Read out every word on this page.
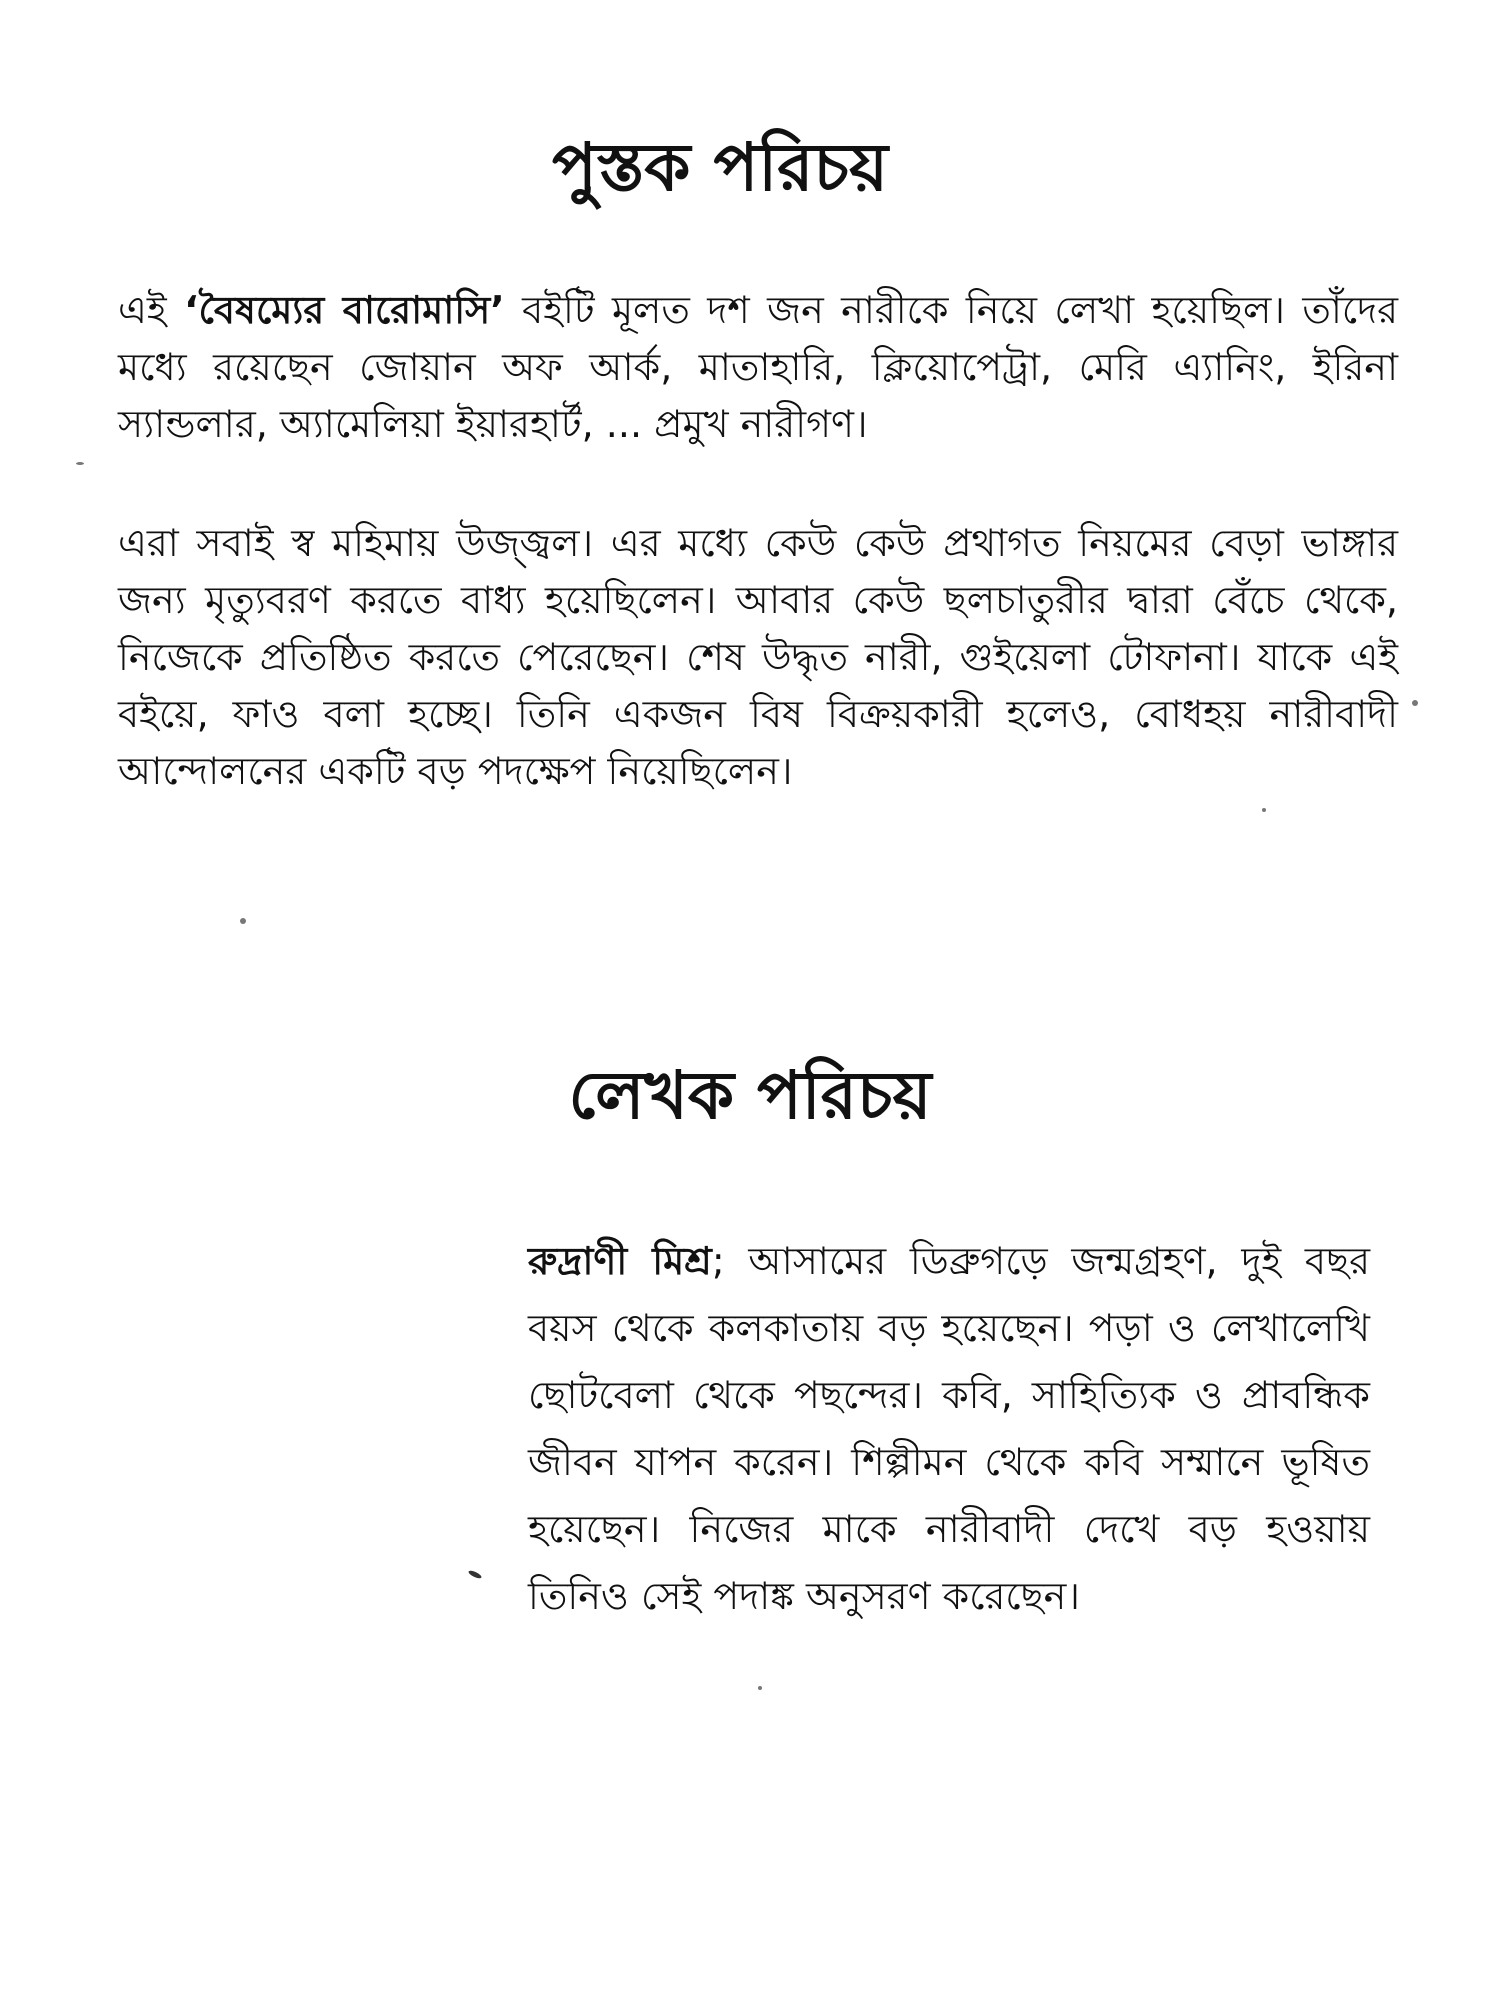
পুস্তক পরিচয়

এই ‘বৈষম্যের বারোমাসি’ বইটি মূলত দশ জন নারীকে নিয়ে লেখা হয়েছিল। তাঁদের মধ্যে রয়েছেন জোয়ান অফ আর্ক, মাতাহারি, ক্লিয়োপেট্রা, মেরি এ্যানিং, ইরিনা স্যান্ডলার, অ্যামেলিয়া ইয়ারহার্ট, ... প্রমুখ নারীগণ।

এরা সবাই স্ব মহিমায় উজ্জ্বল। এর মধ্যে কেউ কেউ প্রথাগত নিয়মের বেড়া ভাঙ্গার জন্য মৃত্যুবরণ করতে বাধ্য হয়েছিলেন। আবার কেউ ছলচাতুরীর দ্বারা বেঁচে থেকে, নিজেকে প্রতিষ্ঠিত করতে পেরেছেন। শেষ উদ্ধৃত নারী, গুইয়েলা টোফানা। যাকে এই বইয়ে, ফাও বলা হচ্ছে। তিনি একজন বিষ বিক্রয়কারী হলেও, বোধহয় নারীবাদী আন্দোলনের একটি বড় পদক্ষেপ নিয়েছিলেন।

লেখক পরিচয়

রুদ্রাণী মিশ্র; আসামের ডিব্রুগড়ে জন্মগ্রহণ, দুই বছর বয়স থেকে কলকাতায় বড় হয়েছেন। পড়া ও লেখালেখি ছোটবেলা থেকে পছন্দের। কবি, সাহিত্যিক ও প্রাবন্ধিক জীবন যাপন করেন। শিল্পীমন থেকে কবি সম্মানে ভূষিত হয়েছেন। নিজের মাকে নারীবাদী দেখে বড় হওয়ায় তিনিও সেই পদাঙ্ক অনুসরণ করেছেন।
